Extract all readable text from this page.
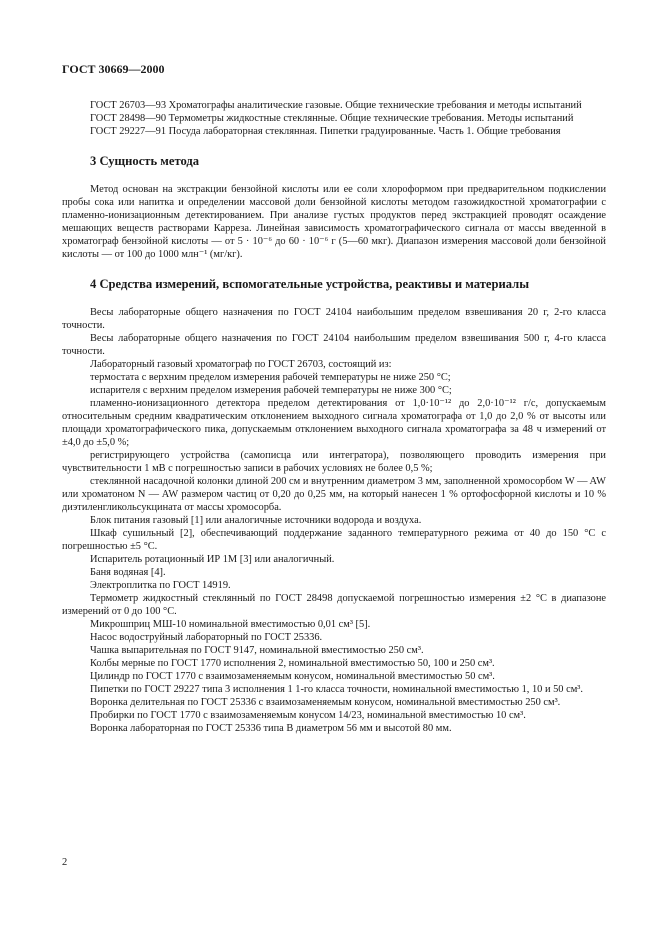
ГОСТ 30669—2000

ГОСТ 26703—93 Хроматографы аналитические газовые. Общие технические требования и методы испытаний

ГОСТ 28498—90 Термометры жидкостные стеклянные. Общие технические требования. Методы испытаний

ГОСТ 29227—91 Посуда лабораторная стеклянная. Пипетки градуированные. Часть 1. Общие требования

3 Сущность метода

Метод основан на экстракции бензойной кислоты или ее соли хлороформом при предварительном подкислении пробы сока или напитка и определении массовой доли бензойной кислоты методом газожидкостной хроматографии с пламенно-ионизационным детектированием. При анализе густых продуктов перед экстракцией проводят осаждение мешающих веществ растворами Карреза. Линейная зависимость хроматографического сигнала от массы введенной в хроматограф бензойной кислоты — от 5 · 10⁻⁶ до 60 · 10⁻⁶ г (5—60 мкг). Диапазон измерения массовой доли бензойной кислоты — от 100 до 1000 млн⁻¹ (мг/кг).

4 Средства измерений, вспомогательные устройства, реактивы и материалы

Весы лабораторные общего назначения по ГОСТ 24104 наибольшим пределом взвешивания 20 г, 2-го класса точности.

Весы лабораторные общего назначения по ГОСТ 24104 наибольшим пределом взвешивания 500 г, 4-го класса точности.

Лабораторный газовый хроматограф по ГОСТ 26703, состоящий из:

термостата с верхним пределом измерения рабочей температуры не ниже 250 °С;

испарителя с верхним пределом измерения рабочей температуры не ниже 300 °С;

пламенно-ионизационного детектора пределом детектирования от 1,0·10⁻¹² до 2,0·10⁻¹² г/с, допускаемым относительным средним квадратическим отклонением выходного сигнала хроматографа от 1,0 до 2,0 % от высоты или площади хроматографического пика, допускаемым отклонением выходного сигнала хроматографа за 48 ч измерений от ±4,0 до ±5,0 %;

регистрирующего устройства (самописца или интегратора), позволяющего проводить измерения при чувствительности 1 мВ с погрешностью записи в рабочих условиях не более 0,5 %;

стеклянной насадочной колонки длиной 200 см и внутренним диаметром 3 мм, заполненной хромосорбом W — AW или хроматоном N — AW размером частиц от 0,20 до 0,25 мм, на который нанесен 1 % ортофосфорной кислоты и 10 % диэтиленгликольсукцината от массы хромосорба.

Блок питания газовый [1] или аналогичные источники водорода и воздуха.

Шкаф сушильный [2], обеспечивающий поддержание заданного температурного режима от 40 до 150 °С с погрешностью ±5 °С.

Испаритель ротационный ИР 1М [3] или аналогичный.

Баня водяная [4].

Электроплитка по ГОСТ 14919.

Термометр жидкостный стеклянный по ГОСТ 28498 допускаемой погрешностью измерения ±2 °С в диапазоне измерений от 0 до 100 °С.

Микрошприц МШ-10 номинальной вместимостью 0,01 см³ [5].

Насос водоструйный лабораторный по ГОСТ 25336.

Чашка выпарительная по ГОСТ 9147, номинальной вместимостью 250 см³.

Колбы мерные по ГОСТ 1770 исполнения 2, номинальной вместимостью 50, 100 и 250 см³.

Цилиндр по ГОСТ 1770 с взаимозаменяемым конусом, номинальной вместимостью 50 см³.

Пипетки по ГОСТ 29227 типа 3 исполнения 1 1-го класса точности, номинальной вместимостью 1, 10 и 50 см³.

Воронка делительная по ГОСТ 25336 с взаимозаменяемым конусом, номинальной вместимостью 250 см³.

Пробирки по ГОСТ 1770 с взаимозаменяемым конусом 14/23, номинальной вместимостью 10 см³.

Воронка лабораторная по ГОСТ 25336 типа В диаметром 56 мм и высотой 80 мм.

2
